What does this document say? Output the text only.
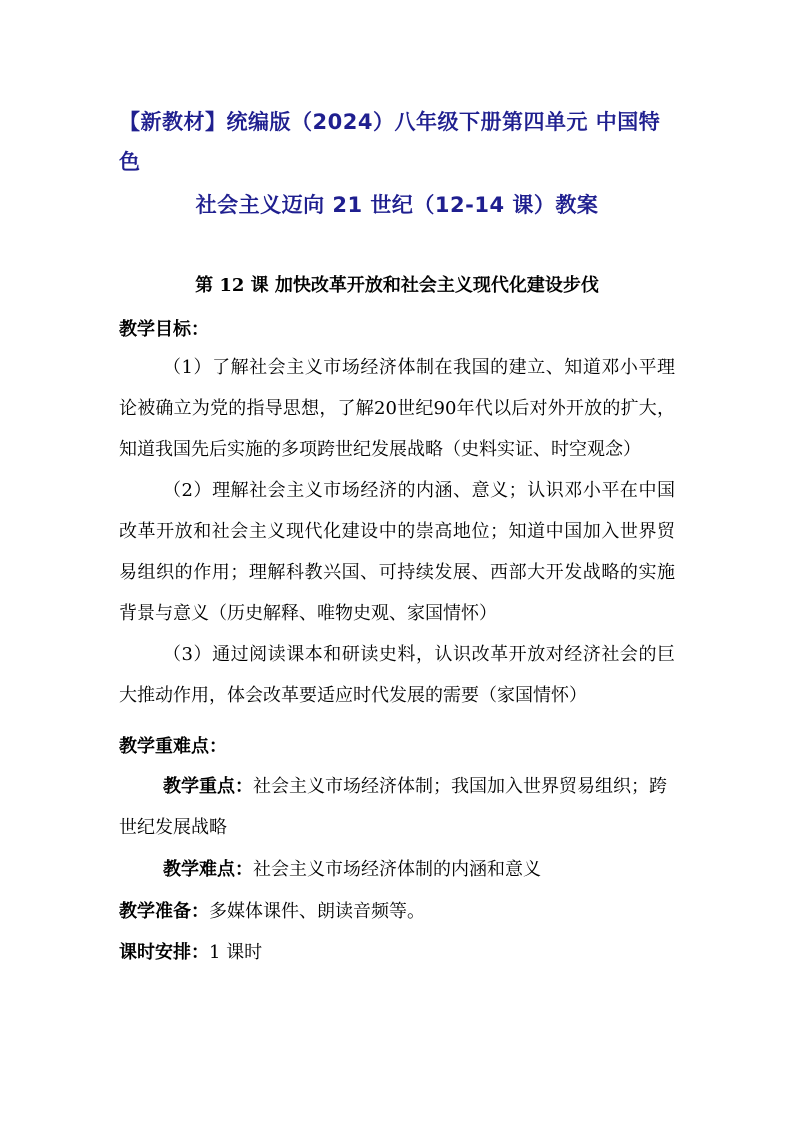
【新教材】统编版（2024）八年级下册第四单元 中国特
色
社会主义迈向 21 世纪（12-14 课）教案
第 12 课 加快改革开放和社会主义现代化建设步伐
教学目标：
（1）了解社会主义市场经济体制在我国的建立、知道邓小平理论被确立为党的指导思想，了解20世纪90年代以后对外开放的扩大，知道我国先后实施的多项跨世纪发展战略（史料实证、时空观念）
（2）理解社会主义市场经济的内涵、意义；认识邓小平在中国改革开放和社会主义现代化建设中的崇高地位；知道中国加入世界贸易组织的作用；理解科教兴国、可持续发展、西部大开发战略的实施背景与意义（历史解释、唯物史观、家国情怀）
（3）通过阅读课本和研读史料，认识改革开放对经济社会的巨大推动作用，体会改革要适应时代发展的需要（家国情怀）
教学重难点：
教学重点：社会主义市场经济体制；我国加入世界贸易组织；跨
世纪发展战略
教学难点：社会主义市场经济体制的内涵和意义
教学准备：多媒体课件、朗读音频等。
课时安排：1 课时
